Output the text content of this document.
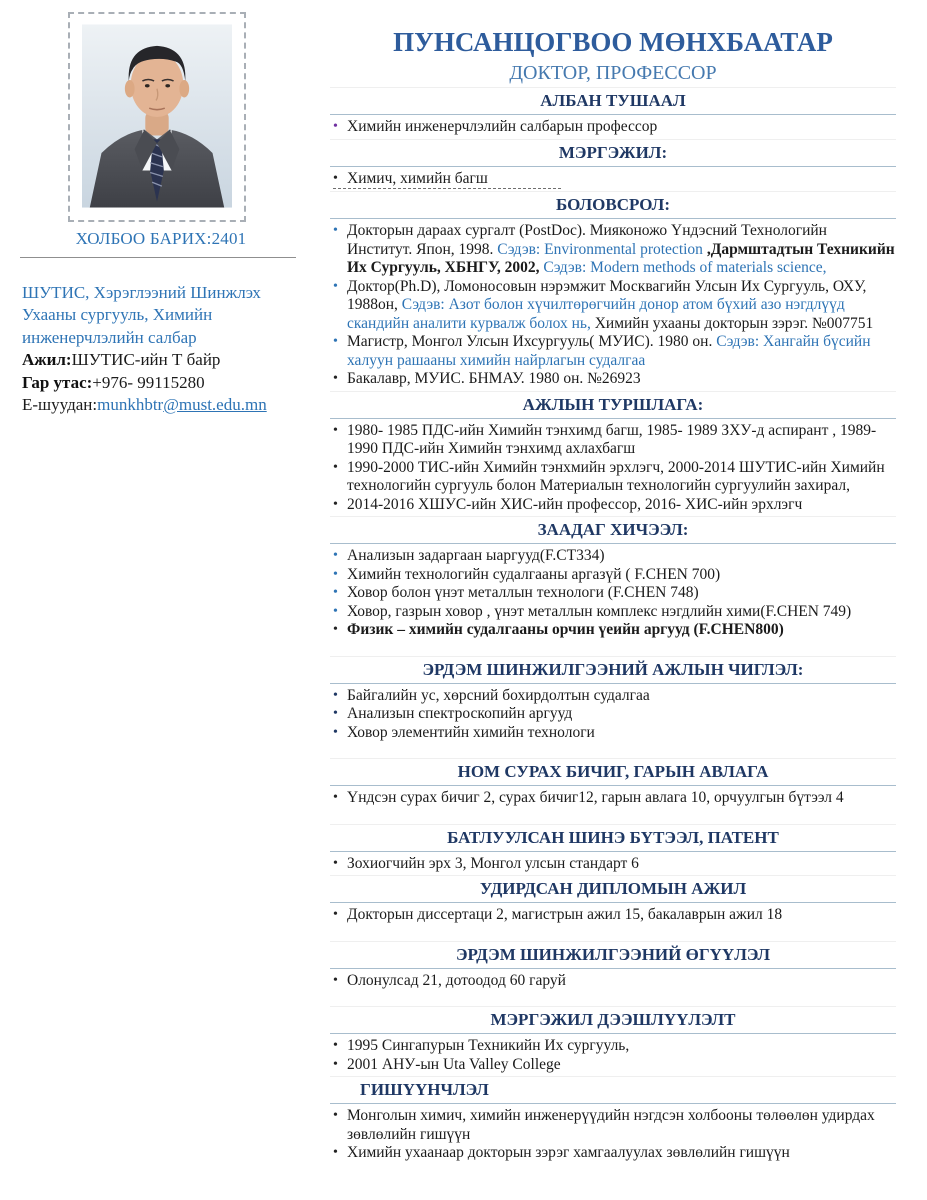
ХОЛБОО БАРИХ:2401
ШУТИС, Хэрэглээний Шинжлэх Ухааны сургууль, Химийн инженерчлэлийн салбар
Ажил:ШУТИС-ийн Т байр
Гар утас:+976- 99115280
Е-шуудан:munkhbtr@must.edu.mn
ПУНСАНЦОГВОО МӨНХБААТАР
ДОКТОР, ПРОФЕССОР
АЛБАН ТУШААЛ
• Химийн инженерчлэлийн салбарын профессор
МЭРГЭЖИЛ:
• Химич, химийн багш
БОЛОВСРОЛ:
• Докторын дараах сургалт (PostDoc). Мияконожо Үндэсний Технологийн Институт. Япон, 1998. Сэдэв: Environmental protection ,Дармштадтын Техникийн Их Сургууль, ХБНГУ, 2002, Сэдэв: Modern methods of materials science,
• Доктор(Ph.D), Ломоносовын нэрэмжит Москвагийн Улсын Их Сургууль, ОХУ, 1988он, Сэдэв: Азот болон хүчилтөрөгчийн донор атом бүхий азо нэгдлүүд скандийн аналити курвалж болох нь, Химийн ухааны докторын зэрэг. №007751
• Магистр, Монгол Улсын Ихсургууль( МУИС). 1980 он. Сэдэв: Хангайн бүсийн халуун рашааны химийн найрлагын судалгаа
• Бакалавр, МУИС. БНМАУ. 1980 он. №26923
АЖЛЫН ТУРШЛАГА:
• 1980- 1985 ПДС-ийн Химийн тэнхимд багш, 1985- 1989 ЗХУ-д аспирант , 1989-1990 ПДС-ийн Химийн тэнхимд ахлахбагш
• 1990-2000 ТИС-ийн Химийн тэнхмийн эрхлэгч, 2000-2014 ШУТИС-ийн Химийн технологийн сургууль болон Материалын технологийн сургуулийн захирал,
• 2014-2016 ХШУС-ийн ХИС-ийн профессор, 2016- ХИС-ийн эрхлэгч
ЗААДАГ ХИЧЭЭЛ:
• Анализын задаргаан ыаргууд(F.CT334)
• Химийн технологийн судалгааны аргазүй ( F.CHEN 700)
• Ховор болон үнэт металлын технологи (F.CHEN 748)
• Ховор, газрын ховор , үнэт металлын комплекс нэгдлийн хими(F.CHEN 749)
• Физик – химийн судалгааны орчин үеийн аргууд (F.CHEN800)
ЭРДЭМ ШИНЖИЛГЭЭНИЙ АЖЛЫН ЧИГЛЭЛ:
• Байгалийн ус, хөрсний бохирдолтын судалгаа
• Анализын спектроскопийн аргууд
• Ховор элементийн химийн технологи
НОМ СУРАХ БИЧИГ, ГАРЫН АВЛАГА
• Үндсэн сурах бичиг 2, сурах бичиг12, гарын авлага 10, орчуулгын бүтээл 4
БАТЛУУЛСАН ШИНЭ БҮТЭЭЛ, ПАТЕНТ
• Зохиогчийн эрх 3, Монгол улсын стандарт 6
УДИРДСАН ДИПЛОМЫН АЖИЛ
• Докторын диссертаци 2, магистрын ажил 15, бакалаврын ажил 18
ЭРДЭМ ШИНЖИЛГЭЭНИЙ ӨГҮҮЛЭЛ
• Олонулсад 21, дотоодод 60 гаруй
МЭРГЭЖИЛ ДЭЭШЛҮҮЛЭЛТ
• 1995 Сингапурын Техникийн Их сургууль,
• 2001 АНУ-ын Uta Valley College
ГИШҮҮНЧЛЭЛ
• Монголын химич, химийн инженерүүдийн нэгдсэн холбооны төлөөлөн удирдах зөвлөлийн гишүүн
• Химийн ухаанаар докторын зэрэг хамгаалуулах зөвлөлийн гишүүн
